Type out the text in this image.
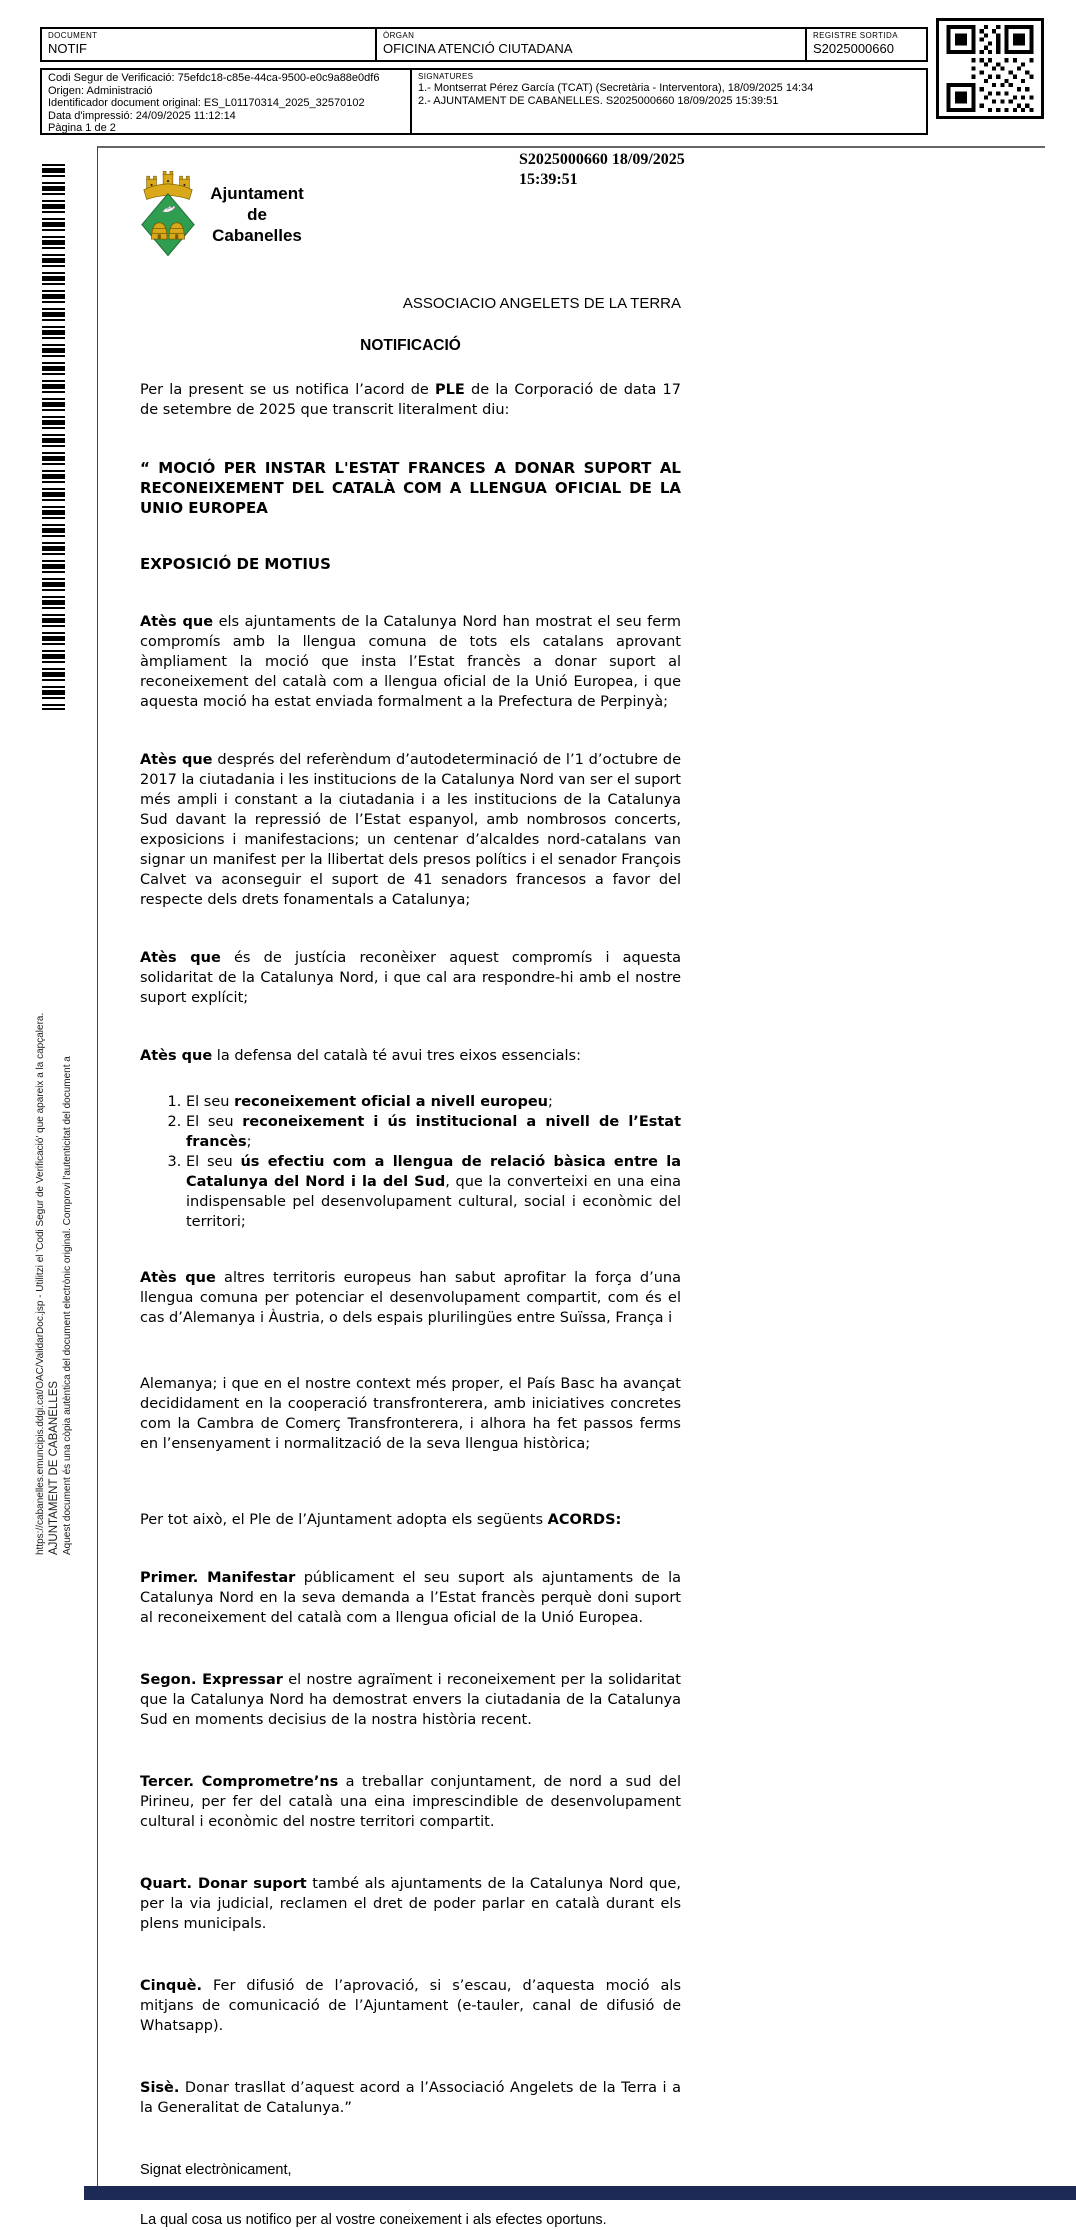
DOCUMENT
NOTIF
ÒRGAN
OFICINA ATENCIÓ CIUTADANA
REGISTRE SORTIDA
S2025000660
Codi Segur de Verificació: 75efdc18-c85e-44ca-9500-e0c9a88e0df6
Origen: Administració
Identificador document original: ES_L01170314_2025_32570102
Data d'impressió: 24/09/2025 11:12:14
Pàgina 1 de 2
SIGNATURES
1.- Montserrat Pérez García (TCAT) (Secretària - Interventora), 18/09/2025 14:34
2.- AJUNTAMENT DE CABANELLES. S2025000660 18/09/2025 15:39:51
https://cabanelles.emuncipis.ddgi.cat/OAC/ValidarDoc.jsp - Utilitzi el 'Codi Segur de Verificació' que apareix a la capçalera. AJUNTAMENT DE CABANELLES Aquest document és una còpia autèntica del document electrònic original. Comprovi l'autenticitat del document a
Ajuntament
de
Cabanelles
S2025000660 18/09/2025
15:39:51
ASSOCIACIO ANGELETS DE LA TERRA
NOTIFICACIÓ

Per la present se us notifica l’acord de PLE de la Corporació de data 17 de setembre de 2025 que transcrit literalment diu:

“ MOCIÓ PER INSTAR L'ESTAT FRANCES A DONAR SUPORT AL RECONEIXEMENT DEL CATALÀ COM A LLENGUA OFICIAL DE LA UNIO EUROPEA

EXPOSICIÓ DE MOTIUS

Atès que els ajuntaments de la Catalunya Nord han mostrat el seu ferm compromís amb la llengua comuna de tots els catalans aprovant àmpliament la moció que insta l’Estat francès a donar suport al reconeixement del català com a llengua oficial de la Unió Europea, i que aquesta moció ha estat enviada formalment a la Prefectura de Perpinyà;

Atès que després del referèndum d’autodeterminació de l’1 d’octubre de 2017 la ciutadania i les institucions de la Catalunya Nord van ser el suport més ampli i constant a la ciutadania i a les institucions de la Catalunya Sud davant la repressió de l’Estat espanyol, amb nombrosos concerts, exposicions i manifestacions; un centenar d’alcaldes nord-catalans van signar un manifest per la llibertat dels presos polítics i el senador François Calvet va aconseguir el suport de 41 senadors francesos a favor del respecte dels drets fonamentals a Catalunya;

Atès que és de justícia reconèixer aquest compromís i aquesta solidaritat de la Catalunya Nord, i que cal ara respondre-hi amb el nostre suport explícit;

Atès que la defensa del català té avui tres eixos essencials:

1. El seu reconeixement oficial a nivell europeu;
2. El seu reconeixement i ús institucional a nivell de l’Estat francès;
3. El seu ús efectiu com a llengua de relació bàsica entre la Catalunya del Nord i la del Sud, que la converteixi en una eina indispensable pel desenvolupament cultural, social i econòmic del territori;

Atès que altres territoris europeus han sabut aprofitar la força d’una llengua comuna per potenciar el desenvolupament compartit, com és el cas d’Alemanya i Àustria, o dels espais plurilingües entre Suïssa, França i

Alemanya; i que en el nostre context més proper, el País Basc ha avançat decididament en la cooperació transfronterera, amb iniciatives concretes com la Cambra de Comerç Transfronterera, i alhora ha fet passos ferms en l’ensenyament i normalització de la seva llengua històrica;

Per tot això, el Ple de l’Ajuntament adopta els següents ACORDS:

Primer. Manifestar públicament el seu suport als ajuntaments de la Catalunya Nord en la seva demanda a l’Estat francès perquè doni suport al reconeixement del català com a llengua oficial de la Unió Europea.

Segon. Expressar el nostre agraïment i reconeixement per la solidaritat que la Catalunya Nord ha demostrat envers la ciutadania de la Catalunya Sud en moments decisius de la nostra història recent.

Tercer. Comprometre’ns a treballar conjuntament, de nord a sud del Pirineu, per fer del català una eina imprescindible de desenvolupament cultural i econòmic del nostre territori compartit.

Quart. Donar suport també als ajuntaments de la Catalunya Nord que, per la via judicial, reclamen el dret de poder parlar en català durant els plens municipals.

Cinquè. Fer difusió de l’aprovació, si s’escau, d’aquesta moció als mitjans de comunicació de l’Ajuntament (e-tauler, canal de difusió de Whatsapp).

Sisè. Donar trasllat d’aquest acord a l’Associació Angelets de la Terra i a la Generalitat de Catalunya.”

Signat electrònicament,

La qual cosa us notifico per al vostre coneixement i als efectes oportuns.
